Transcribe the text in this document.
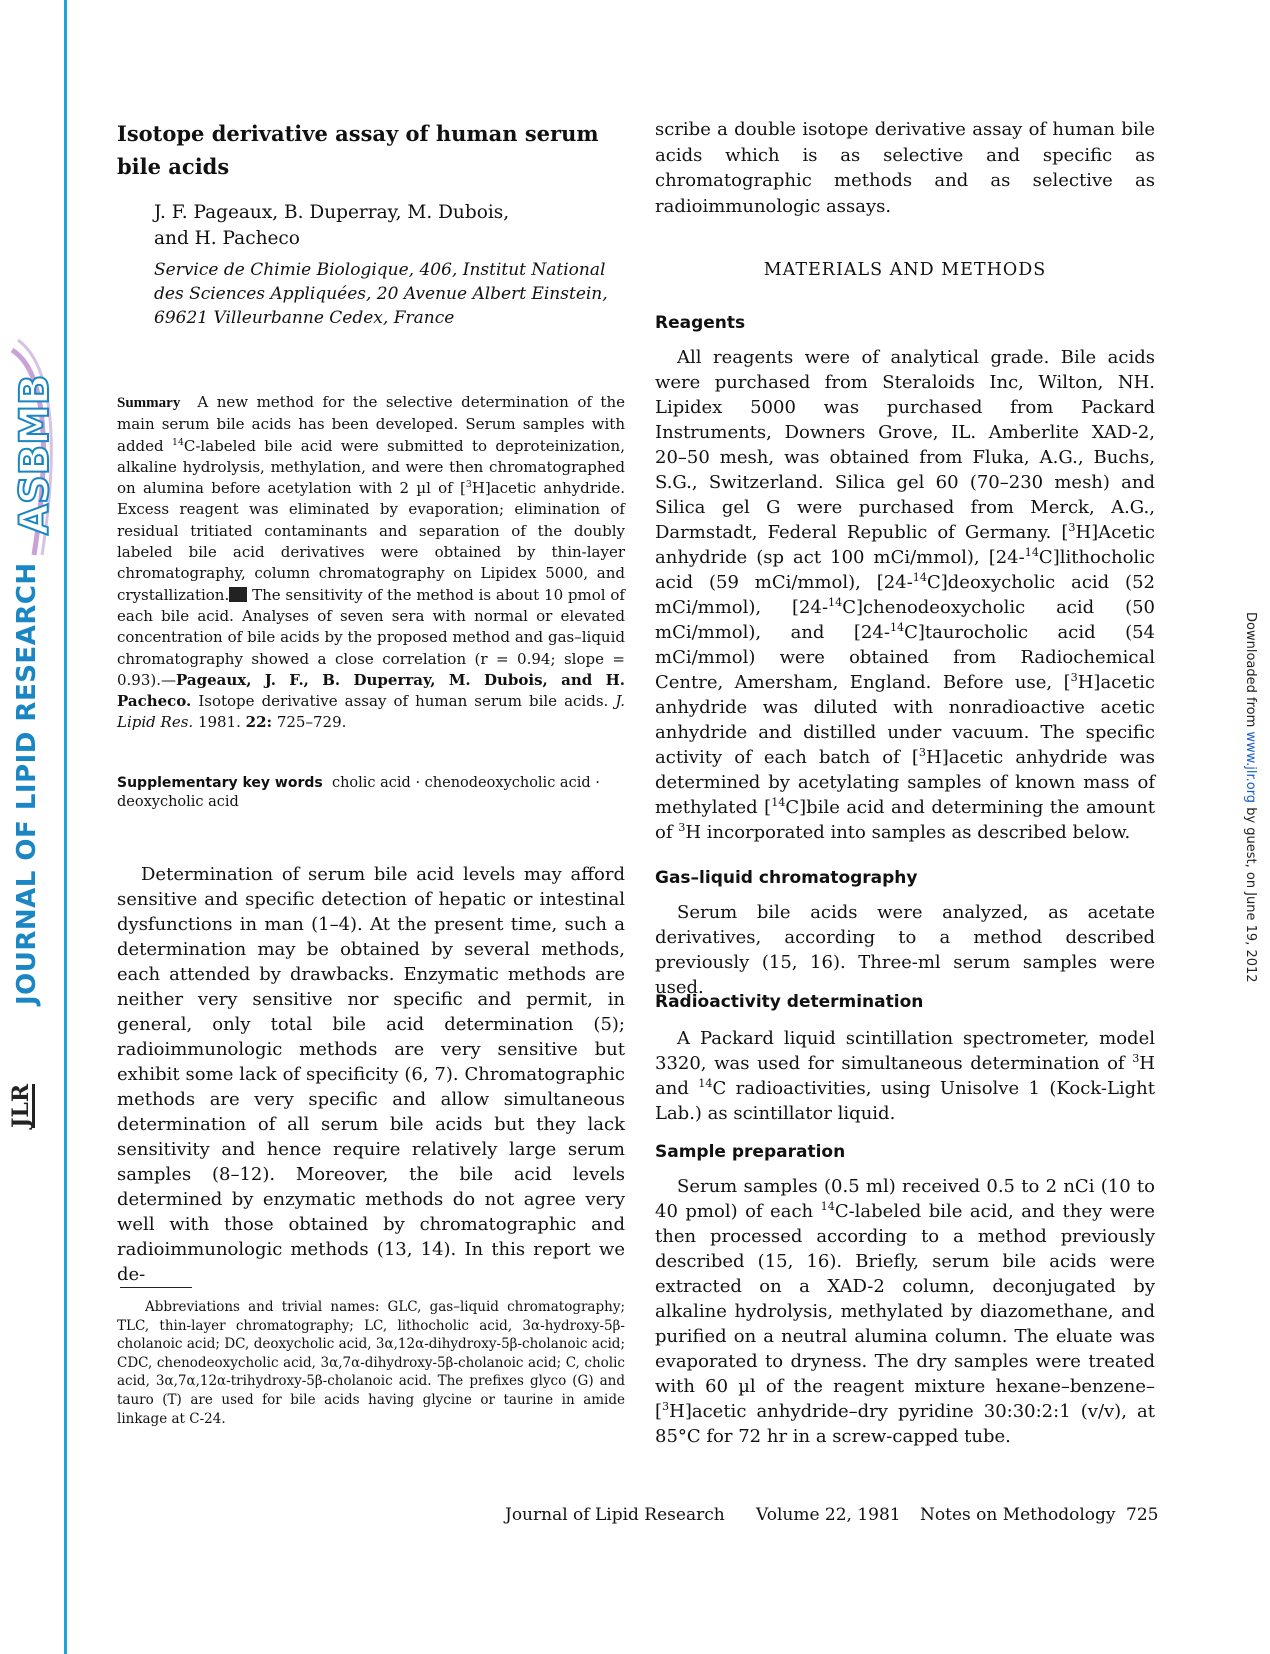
ASBMB
JOURNAL OF LIPID RESEARCH
JLR
Downloaded from www.jlr.org by guest, on June 19, 2012
Isotope derivative assay of human serum bile acids
J. F. Pageaux, B. Duperray, M. Dubois,
and H. Pacheco
Service de Chimie Biologique, 406, Institut National
des Sciences Appliquées, 20 Avenue Albert Einstein,
69621 Villeurbanne Cedex, France
Summary A new method for the selective determination of the main serum bile acids has been developed. Serum samples with added $^{14}$C-labeled bile acid were submitted to deproteinization, alkaline hydrolysis, methylation, and were then chromatographed on alumina before acetylation with 2 µl of [$^3$H]acetic anhydride. Excess reagent was eliminated by evaporation; elimination of residual tritiated contaminants and separation of the doubly labeled bile acid derivatives were obtained by thin-layer chromatography, column chromatography on Lipidex 5000, and crystallization. The sensitivity of the method is about 10 pmol of each bile acid. Analyses of seven sera with normal or elevated concentration of bile acids by the proposed method and gas–liquid chromatography showed a close correlation (r = 0.94; slope = 0.93).—Pageaux, J. F., B. Duperray, M. Dubois, and H. Pacheco. Isotope derivative assay of human serum bile acids. J. Lipid Res. 1981. 22: 725–729.
Supplementary key words cholic acid · chenodeoxycholic acid · deoxycholic acid
Determination of serum bile acid levels may afford sensitive and specific detection of hepatic or intestinal dysfunctions in man (1–4). At the present time, such a determination may be obtained by several methods, each attended by drawbacks. Enzymatic methods are neither very sensitive nor specific and permit, in general, only total bile acid determination (5); radioimmunologic methods are very sensitive but exhibit some lack of specificity (6, 7). Chromatographic methods are very specific and allow simultaneous determination of all serum bile acids but they lack sensitivity and hence require relatively large serum samples (8–12). Moreover, the bile acid levels determined by enzymatic methods do not agree very well with those obtained by chromatographic and radioimmunologic methods (13, 14). In this report we de-
Abbreviations and trivial names: GLC, gas–liquid chromatography; TLC, thin-layer chromatography; LC, lithocholic acid, 3α-hydroxy-5β-cholanoic acid; DC, deoxycholic acid, 3α,12α-dihydroxy-5β-cholanoic acid; CDC, chenodeoxycholic acid, 3α,7α-dihydroxy-5β-cholanoic acid; C, cholic acid, 3α,7α,12α-trihydroxy-5β-cholanoic acid. The prefixes glyco (G) and tauro (T) are used for bile acids having glycine or taurine in amide linkage at C-24.
scribe a double isotope derivative assay of human bile acids which is as selective and specific as chromatographic methods and as selective as radioimmunologic assays.
MATERIALS AND METHODS
Reagents
All reagents were of analytical grade. Bile acids were purchased from Steraloids Inc, Wilton, NH. Lipidex 5000 was purchased from Packard Instruments, Downers Grove, IL. Amberlite XAD-2, 20–50 mesh, was obtained from Fluka, A.G., Buchs, S.G., Switzerland. Silica gel 60 (70–230 mesh) and Silica gel G were purchased from Merck, A.G., Darmstadt, Federal Republic of Germany. [$^3$H]Acetic anhydride (sp act 100 mCi/mmol), [24-$^{14}$C]lithocholic acid (59 mCi/mmol), [24-$^{14}$C]deoxycholic acid (52 mCi/mmol), [24-$^{14}$C]chenodeoxycholic acid (50 mCi/mmol), and [24-$^{14}$C]taurocholic acid (54 mCi/mmol) were obtained from Radiochemical Centre, Amersham, England. Before use, [$^3$H]acetic anhydride was diluted with nonradioactive acetic anhydride and distilled under vacuum. The specific activity of each batch of [$^3$H]acetic anhydride was determined by acetylating samples of known mass of methylated [$^{14}$C]bile acid and determining the amount of $^3$H incorporated into samples as described below.
Gas–liquid chromatography
Serum bile acids were analyzed, as acetate derivatives, according to a method described previously (15, 16). Three-ml serum samples were used.
Radioactivity determination
A Packard liquid scintillation spectrometer, model 3320, was used for simultaneous determination of $^3$H and $^{14}$C radioactivities, using Unisolve 1 (Kock-Light Lab.) as scintillator liquid.
Sample preparation
Serum samples (0.5 ml) received 0.5 to 2 nCi (10 to 40 pmol) of each $^{14}$C-labeled bile acid, and they were then processed according to a method previously described (15, 16). Briefly, serum bile acids were extracted on a XAD-2 column, deconjugated by alkaline hydrolysis, methylated by diazomethane, and purified on a neutral alumina column. The eluate was evaporated to dryness. The dry samples were treated with 60 µl of the reagent mixture hexane–benzene–[$^3$H]acetic anhydride–dry pyridine 30:30:2:1 (v/v), at 85°C for 72 hr in a screw-capped tube.
Journal of Lipid Research Volume 22, 1981 Notes on Methodology 725
